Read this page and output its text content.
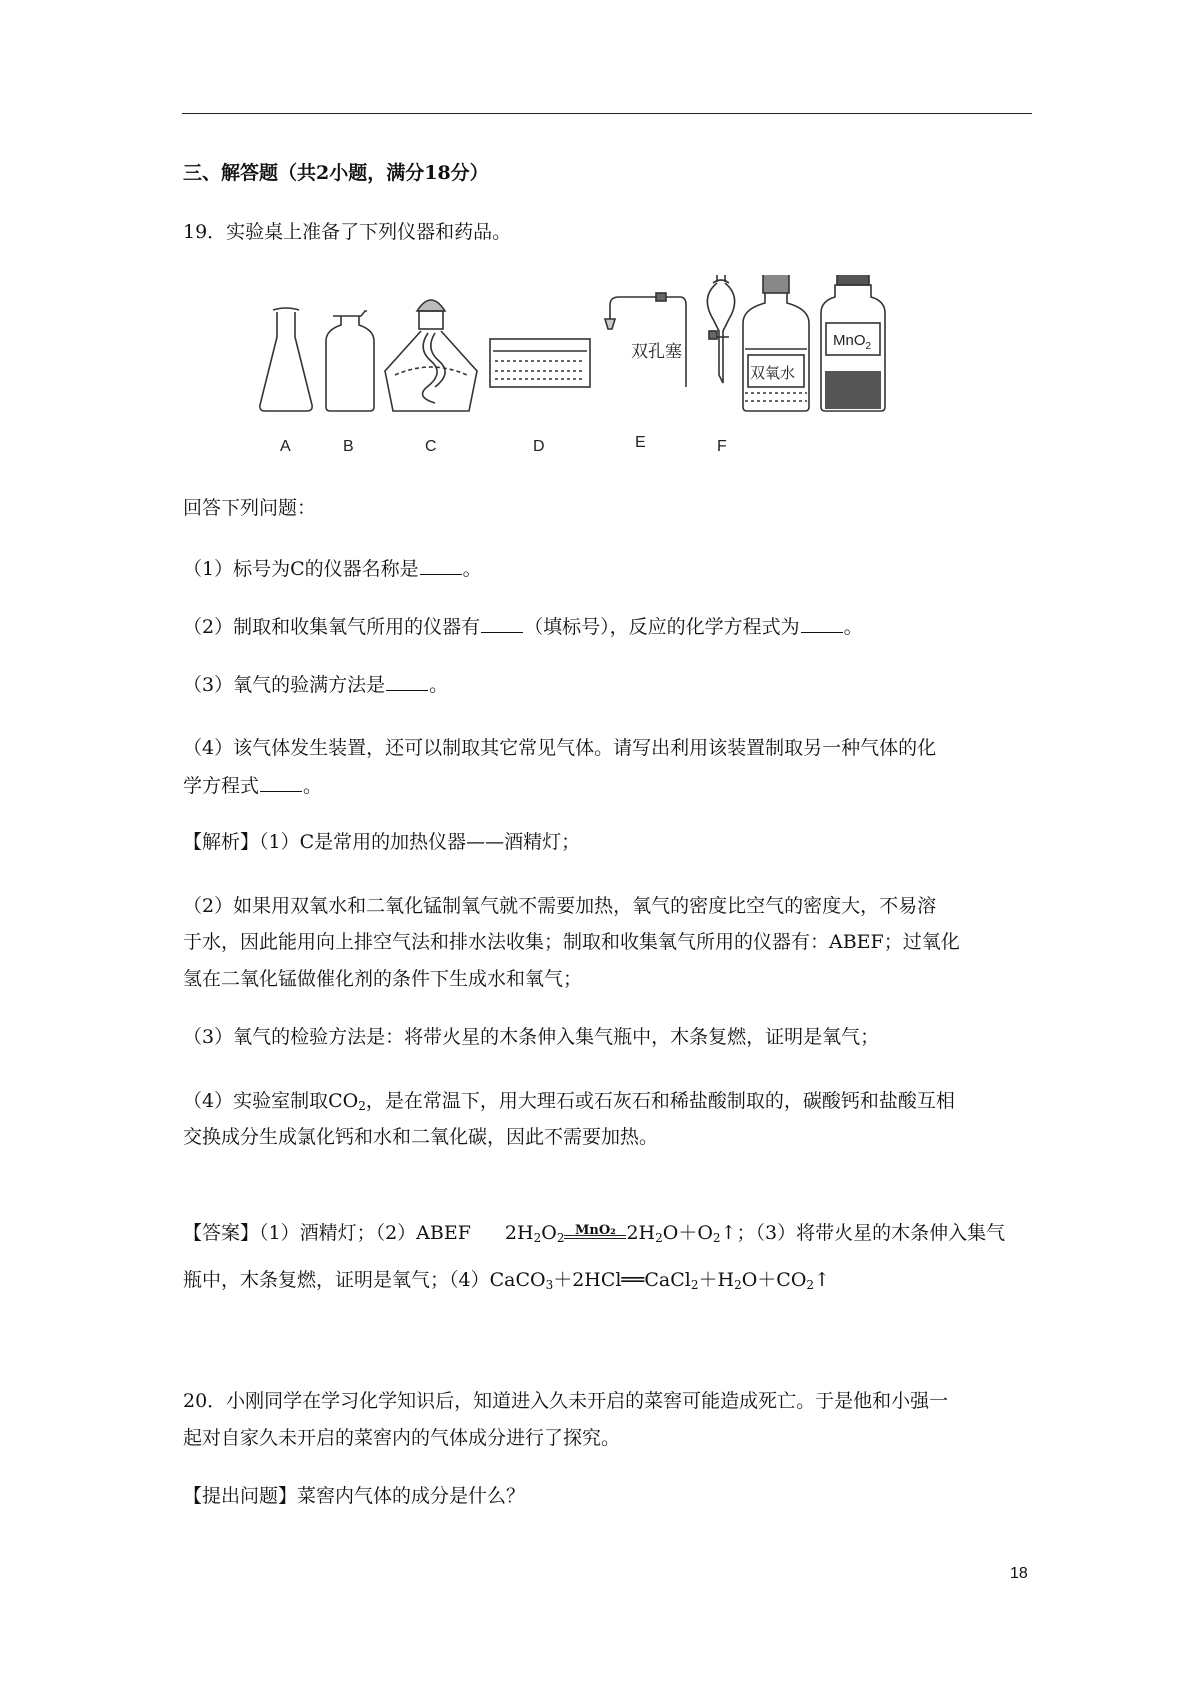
三、解答题（共2小题，满分18分）
19．实验桌上准备了下列仪器和药品。
A	B	C	D	E	F
双孔塞
双氧水
MnO$_2$
回答下列问题：
（1）标号为C的仪器名称是 。
（2）制取和收集氧气所用的仪器有 （填标号），反应的化学方程式为 。
（3）氧气的验满方法是 。
（4）该气体发生装置，还可以制取其它常见气体。请写出利用该装置制取另一种气体的化
学方程式 。
【解析】（1）C是常用的加热仪器——酒精灯；
（2）如果用双氧水和二氧化锰制氧气就不需要加热，氧气的密度比空气的密度大，不易溶
于水，因此能用向上排空气法和排水法收集；制取和收集氧气所用的仪器有：ABEF；过氧化
氢在二氧化锰做催化剂的条件下生成水和氧气；
（3）氧气的检验方法是：将带火星的木条伸入集气瓶中，木条复燃，证明是氧气；
（4）实验室制取$CO_2$，是在常温下，用大理石或石灰石和稀盐酸制取的，碳酸钙和盐酸互相
交换成分生成氯化钙和水和二氧化碳，因此不需要加热。
【答案】（1）酒精灯；（2）ABEF $2H_2O_2$ MnO₂ $2H_2O+O_2↑$；（3）将带火星的木条伸入集气
瓶中，木条复燃，证明是氧气；$(4)CaCO_3+2HCl══CaCl_2+H_2O+CO_2↑$
20．小刚同学在学习化学知识后，知道进入久未开启的菜窖可能造成死亡。于是他和小强一
起对自家久未开启的菜窖内的气体成分进行了探究。
【提出问题】菜窖内气体的成分是什么？
18
